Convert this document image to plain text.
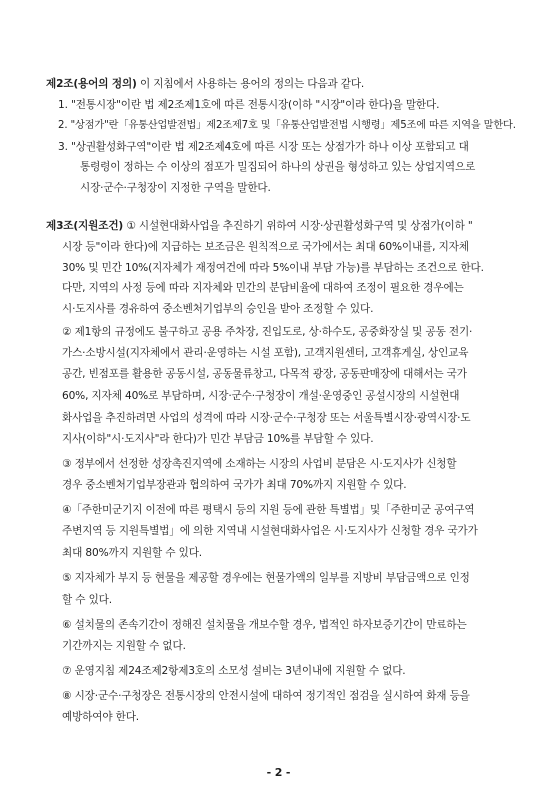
제2조(용어의 정의) 이 지침에서 사용하는 용어의 정의는 다음과 같다.
1. "전통시장"이란 법 제2조제1호에 따른 전통시장(이하 "시장"이라 한다)을 말한다.
2. "상점가"란「유통산업발전법」제2조제7호 및「유통산업발전법 시행령」제5조에 따른 지역을 말한다.
3. "상권활성화구역"이란 법 제2조제4호에 따른 시장 또는 상점가가 하나 이상 포함되고 대
통령령이 정하는 수 이상의 점포가 밀집되어 하나의 상권을 형성하고 있는 상업지역으로
시장·군수·구청장이 지정한 구역을 말한다.
제3조(지원조건) ① 시설현대화사업을 추진하기 위하여 시장·상권활성화구역 및 상점가(이하 "
시장 등"이라 한다)에 지급하는 보조금은 원칙적으로 국가에서는 최대 60%이내를, 지자체
30% 및 민간 10%(지자체가 재정여건에 따라 5%이내 부담 가능)를 부담하는 조건으로 한다.
다만, 지역의 사정 등에 따라 지자체와 민간의 분담비율에 대하여 조정이 필요한 경우에는
시·도지사를 경유하여 중소벤처기업부의 승인을 받아 조정할 수 있다.
② 제1항의 규정에도 불구하고 공용 주차장, 진입도로, 상·하수도, 공중화장실 및 공동 전기·
가스·소방시설(지자체에서 관리·운영하는 시설 포함), 고객지원센터, 고객휴게실, 상인교육
공간, 빈점포를 활용한 공동시설, 공동물류창고, 다목적 광장, 공동판매장에 대해서는 국가
60%, 지자체 40%로 부담하며, 시장·군수·구청장이 개설·운영중인 공설시장의 시설현대
화사업을 추진하려면 사업의 성격에 따라 시장·군수·구청장 또는 서울특별시장·광역시장·도
지사(이하"시·도지사"라 한다)가 민간 부담금 10%를 부담할 수 있다.
③ 정부에서 선정한 성장촉진지역에 소재하는 시장의 사업비 분담은 시·도지사가 신청할
경우 중소벤처기업부장관과 협의하여 국가가 최대 70%까지 지원할 수 있다.
④「주한미군기지 이전에 따른 평택시 등의 지원 등에 관한 특별법」및「주한미군 공여구역
주변지역 등 지원특별법」에 의한 지역내 시설현대화사업은 시·도지사가 신청할 경우 국가가
최대 80%까지 지원할 수 있다.
⑤ 지자체가 부지 등 현물을 제공할 경우에는 현물가액의 일부를 지방비 부담금액으로 인정
할 수 있다.
⑥ 설치물의 존속기간이 정해진 설치물을 개보수할 경우, 법적인 하자보증기간이 만료하는
기간까지는 지원할 수 없다.
⑦ 운영지침 제24조제2항제3호의 소모성 설비는 3년이내에 지원할 수 없다.
⑧ 시장·군수·구청장은 전통시장의 안전시설에 대하여 정기적인 점검을 실시하여 화재 등을
예방하여야 한다.
- 2 -
